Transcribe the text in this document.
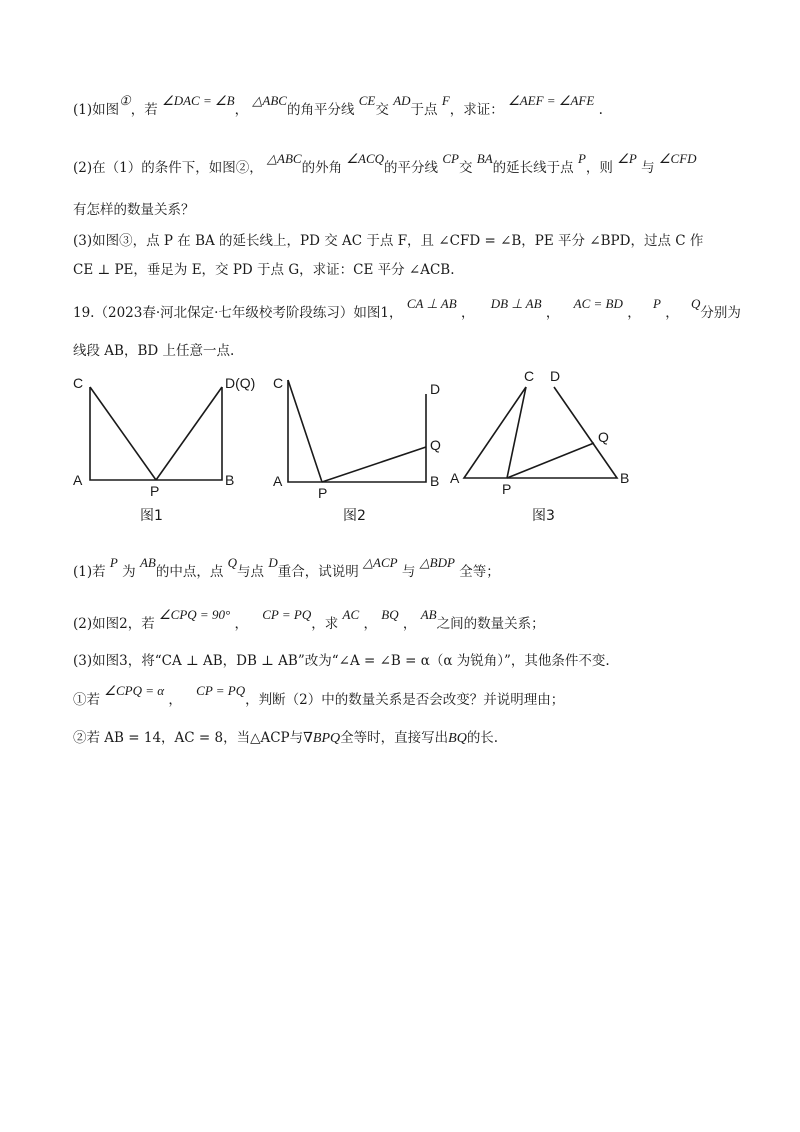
(1)如图①，若 ∠DAC = ∠B， △ABC的角平分线 CE交 AD于点 F，求证： ∠AEF = ∠AFE .
(2)在（1）的条件下，如图②， △ABC的外角 ∠ACQ的平分线 CP交 BA的延长线于点 P，则 ∠P 与 ∠CFD
有怎样的数量关系？
(3)如图③，点 P 在 BA 的延长线上，PD 交 AC 于点 F，且 ∠CFD = ∠B，PE 平分 ∠BPD，过点 C 作
CE ⊥ PE，垂足为 E，交 PD 于点 G，求证：CE 平分 ∠ACB.
19.（2023春·河北保定·七年级校考阶段练习）如图1， CA ⊥ AB ， DB ⊥ AB ， AC = BD ， P ， Q分别为
线段 AB，BD 上任意一点.
C	D(Q)
A	B
P
图1
C	D
Q
A	B
P
图2
C D
Q
A	B
P
图3
(1)若 P 为 AB的中点，点 Q与点 D重合，试说明 △ACP 与 △BDP 全等；
(2)如图2，若 ∠CPQ = 90° ， CP = PQ，求 AC ， BQ ， AB之间的数量关系；
(3)如图3，将“CA ⊥ AB，DB ⊥ AB”改为“∠A = ∠B = α（α 为锐角）”，其他条件不变.
①若 ∠CPQ = α ， CP = PQ，判断（2）中的数量关系是否会改变？并说明理由；
②若 AB = 14，AC = 8，当△ACP与∇BPQ全等时，直接写出BQ的长.
